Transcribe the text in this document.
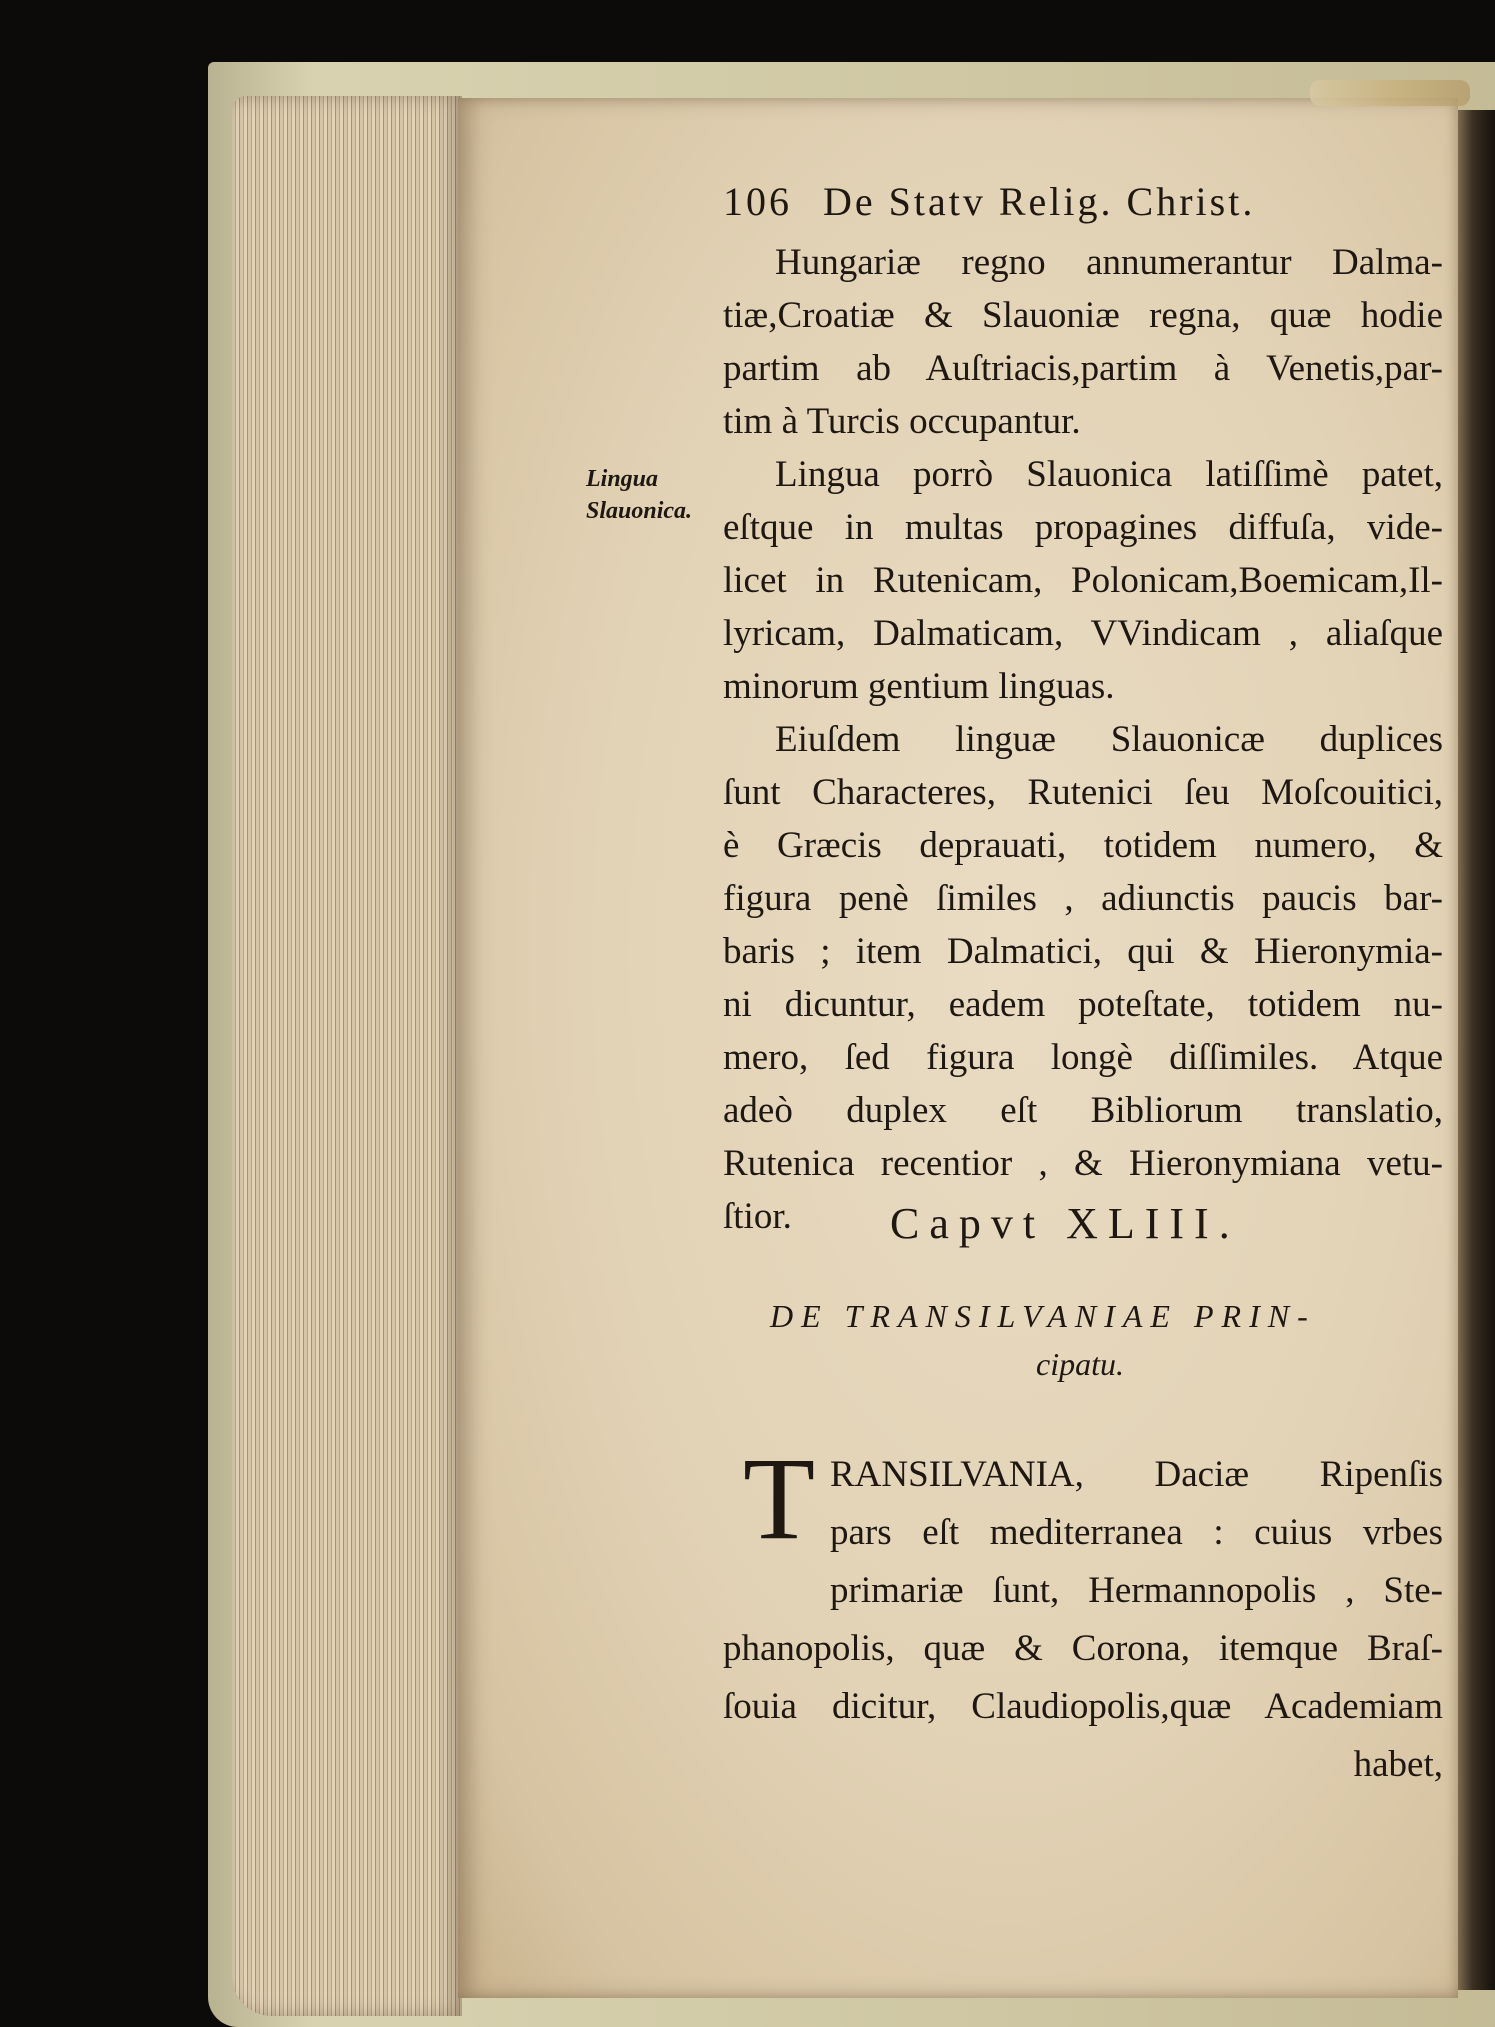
106 De Statv Relig. Christ.
Hungariæ regno annumerantur Dalma-
tiæ,Croatiæ & Slauoniæ regna, quæ hodie
partim ab Auſtriacis,partim à Venetis,par-
tim à Turcis occupantur.
Lingua
Slauonica.
Lingua porrò Slauonica latiſſimè patet,
eſtque in multas propagines diffuſa, vide-
licet in Rutenicam, Polonicam,Boemicam,Il-
lyricam, Dalmaticam, VVindicam , aliaſque
minorum gentium linguas.
Eiuſdem linguæ Slauonicæ duplices
ſunt Characteres, Rutenici ſeu Moſcouitici,
è Græcis deprauati, totidem numero, &
figura penè ſimiles , adiunctis paucis bar-
baris ; item Dalmatici, qui & Hieronymia-
ni dicuntur, eadem poteſtate, totidem nu-
mero, ſed figura longè diſſimiles. Atque
adeò duplex eſt Bibliorum translatio,
Capvt XLIII.
DE TRANSILVANIAE PRIN-
cipatu.
T RANSILVANIA, Daciæ Ripenſis
pars eſt mediterranea : cuius vrbes
primariæ ſunt, Hermannopolis , Ste-
phanopolis, quæ & Corona, itemque Braſ-
ſouia dicitur, Claudiopolis,quæ Academiam
habet,
Rutenica recentior , & Hieronymiana vetu-
ſtior.
